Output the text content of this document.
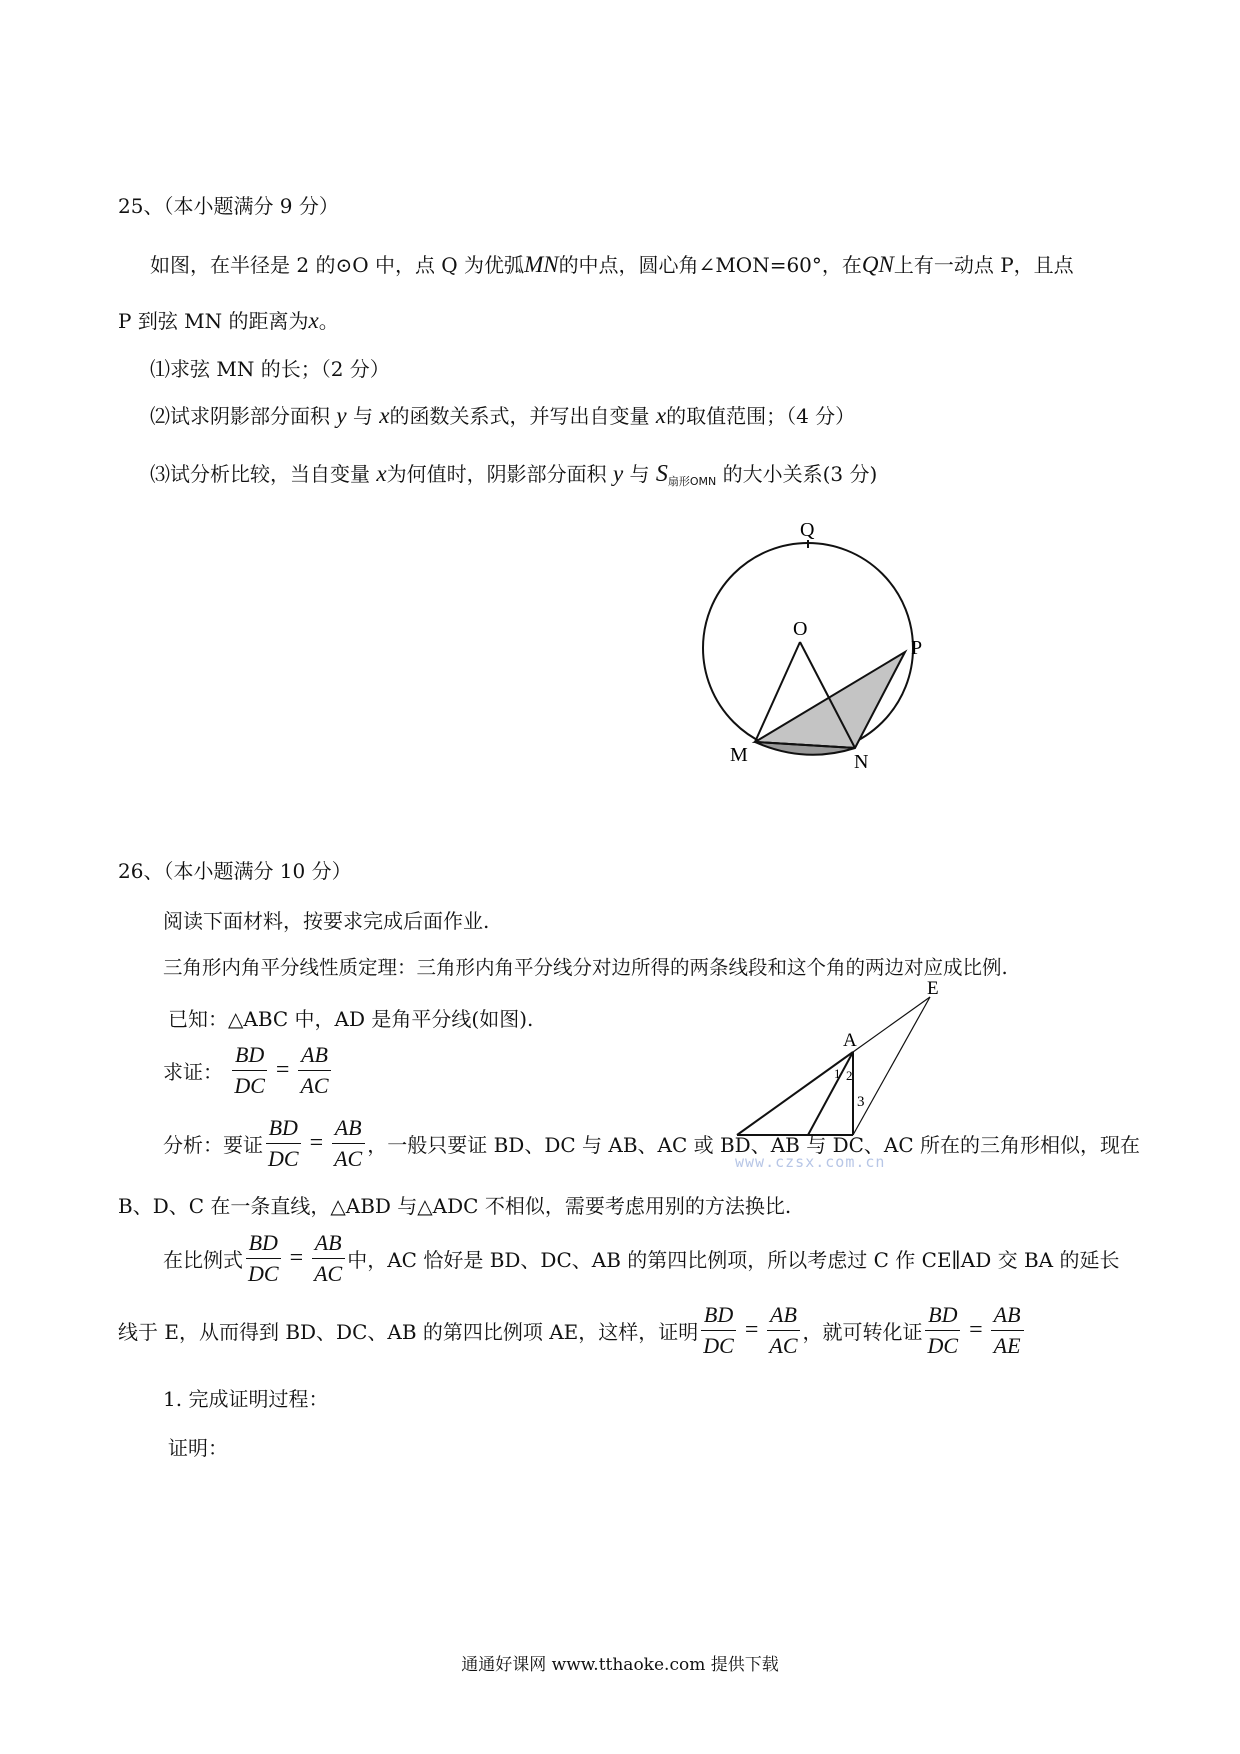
25、（本小题满分 9 分）
如图，在半径是 2 的⊙O 中，点 Q 为优弧MN的中点，圆心角∠MON=60°，在QN上有一动点 P，且点
P 到弦 MN 的距离为x。
⑴求弦 MN 的长；（2 分）
⑵试求阴影部分面积 y 与 x的函数关系式，并写出自变量 x的取值范围；（4 分）
⑶试分析比较，当自变量 x为何值时，阴影部分面积 y 与 $S_{扇形OMN}$ 的大小关系(3 分)
Q
O
P
M	N
26、（本小题满分 10 分）
阅读下面材料，按要求完成后面作业.
三角形内角平分线性质定理：三角形内角平分线分对边所得的两条线段和这个角的两边对应成比例.
已知：△ABC 中，AD 是角平分线(如图).
求证： $\frac{BD}{DC} = \frac{AB}{AC}$
E
A
1 2
3
分析：要证 $\frac{BD}{DC} = \frac{AB}{AC}$ ，一般只要证 BD、DC 与 AB、AC 或 BD、AB 与 DC、AC 所在的三角形相似，现在
www.czsx.com.cn
B、D、C 在一条直线，△ABD 与△ADC 不相似，需要考虑用别的方法换比.
在比例式 $\frac{BD}{DC} = \frac{AB}{AC}$ 中，AC 恰好是 BD、DC、AB 的第四比例项，所以考虑过 C 作 CE∥AD 交 BA 的延长
线于 E，从而得到 BD、DC、AB 的第四比例项 AE，这样，证明 $\frac{BD}{DC} = \frac{AB}{AC}$ ，就可转化证 $\frac{BD}{DC} = \frac{AB}{AE}$
1. 完成证明过程：
证明：
通通好课网 www.tthaoke.com 提供下载
